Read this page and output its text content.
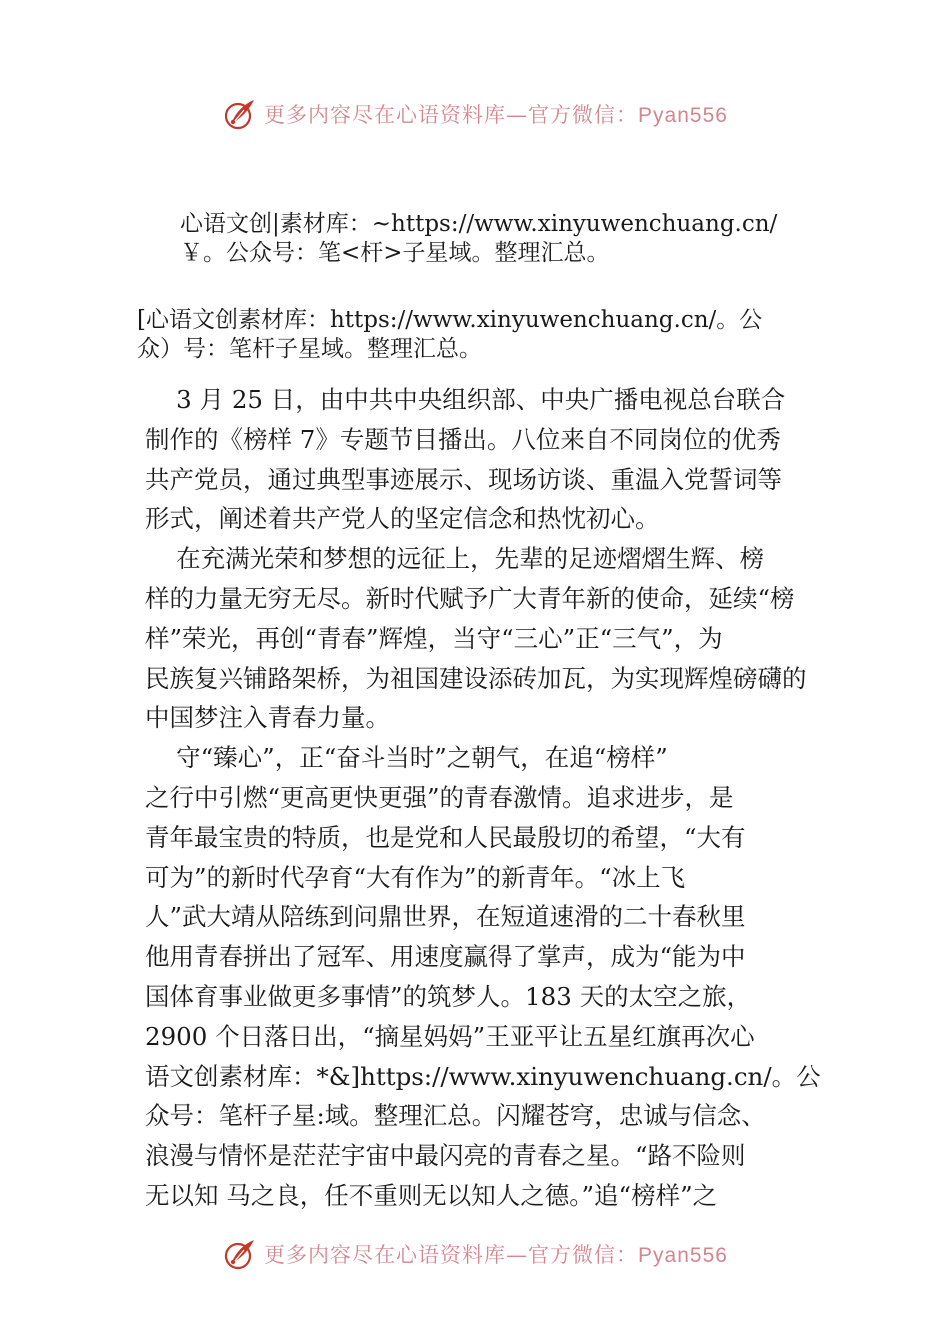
更多内容尽在心语资料库—官方微信：Pyan556
心语文创|素材库：~https://www.xinyuwenchuang.cn/
￥。公众号：笔<杆>子星域。整理汇总。
[心语文创素材库：https://www.xinyuwenchuang.cn/。公
众）号：笔杆子星域。整理汇总。
3 月 25 日，由中共中央组织部、中央广播电视总台联合
制作的《榜样 7》专题节目播出。八位来自不同岗位的优秀
共产党员，通过典型事迹展示、现场访谈、重温入党誓词等
形式，阐述着共产党人的坚定信念和热忱初心。
在充满光荣和梦想的远征上，先辈的足迹熠熠生辉、榜
样的力量无穷无尽。新时代赋予广大青年新的使命，延续“榜
样”荣光，再创“青春”辉煌，当守“三心”正“三气”，为
民族复兴铺路架桥，为祖国建设添砖加瓦，为实现辉煌磅礴的
中国梦注入青春力量。
守“臻心”，正“奋斗当时”之朝气，在追“榜样”
之行中引燃“更高更快更强”的青春激情。追求进步，是
青年最宝贵的特质，也是党和人民最殷切的希望，“大有
可为”的新时代孕育“大有作为”的新青年。“冰上飞
人”武大靖从陪练到问鼎世界，在短道速滑的二十春秋里
他用青春拼出了冠军、用速度赢得了掌声，成为“能为中
国体育事业做更多事情”的筑梦人。183 天的太空之旅，
2900 个日落日出，“摘星妈妈”王亚平让五星红旗再次心
语文创素材库：*&]https://www.xinyuwenchuang.cn/。公
众号：笔杆子星:域。整理汇总。闪耀苍穹，忠诚与信念、
浪漫与情怀是茫茫宇宙中最闪亮的青春之星。“路不险则
无以知 马之良，任不重则无以知人之德。”追“榜样”之
更多内容尽在心语资料库—官方微信：Pyan556
